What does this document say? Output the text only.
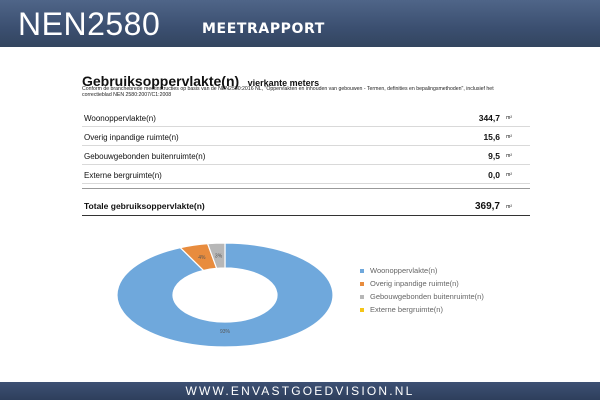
NEN2580	MEETRAPPORT
Gebruiksoppervlakte(n) vierkante meters
Conform de branchebrede meetinstructies op basis van de NEN2580:2016 NL, "Oppervlakten en inhouden van gebouwen - Termen, definities en bepalingsmethoden", inclusief het correctieblad NEN 2580:2007/C1:2008
Woonoppervlakte(n)	344,7 m²
Overig inpandige ruimte(n)	15,6 m²
Gebouwgebonden buitenruimte(n)	9,5 m²
Externe bergruimte(n)	0,0 m²
Totale gebruiksoppervlakte(n)	369,7 m²
93%
4% 3%
Woonoppervlakte(n)
Overig inpandige ruimte(n)
Gebouwgebonden buitenruimte(n)
Externe bergruimte(n)
WWW.ENVASTGOEDVISION.NL
